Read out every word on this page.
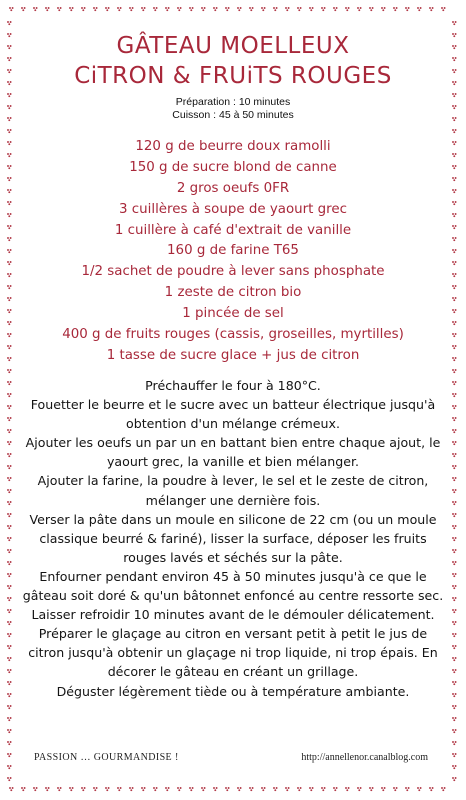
GÂTEAU MOELLEUX
CiTRON & FRUiTS ROUGES
Préparation : 10 minutes
Cuisson : 45 à 50 minutes
120 g de beurre doux ramolli
150 g de sucre blond de canne
2 gros oeufs 0FR
3 cuillères à soupe de yaourt grec
1 cuillère à café d'extrait de vanille
160 g de farine T65
1/2 sachet de poudre à lever sans phosphate
1 zeste de citron bio
1 pincée de sel
400 g de fruits rouges (cassis, groseilles, myrtilles)
1 tasse de sucre glace + jus de citron
Préchauffer le four à 180°C.
Fouetter le beurre et le sucre avec un batteur électrique jusqu'à obtention d'un mélange crémeux.
Ajouter les oeufs un par un en battant bien entre chaque ajout, le yaourt grec, la vanille et bien mélanger.
Ajouter la farine, la poudre à lever, le sel et le zeste de citron, mélanger une dernière fois.
Verser la pâte dans un moule en silicone de 22 cm (ou un moule classique beurré & fariné), lisser la surface, déposer les fruits rouges lavés et séchés sur la pâte.
Enfourner pendant environ 45 à 50 minutes jusqu'à ce que le gâteau soit doré & qu'un bâtonnet enfoncé au centre ressorte sec. Laisser refroidir 10 minutes avant de le démouler délicatement.
Préparer le glaçage au citron en versant petit à petit le jus de citron jusqu'à obtenir un glaçage ni trop liquide, ni trop épais. En décorer le gâteau en créant un grillage.
Déguster légèrement tiède ou à température ambiante.
PASSION … GOURMANDISE !	http://annellenor.canalblog.com
